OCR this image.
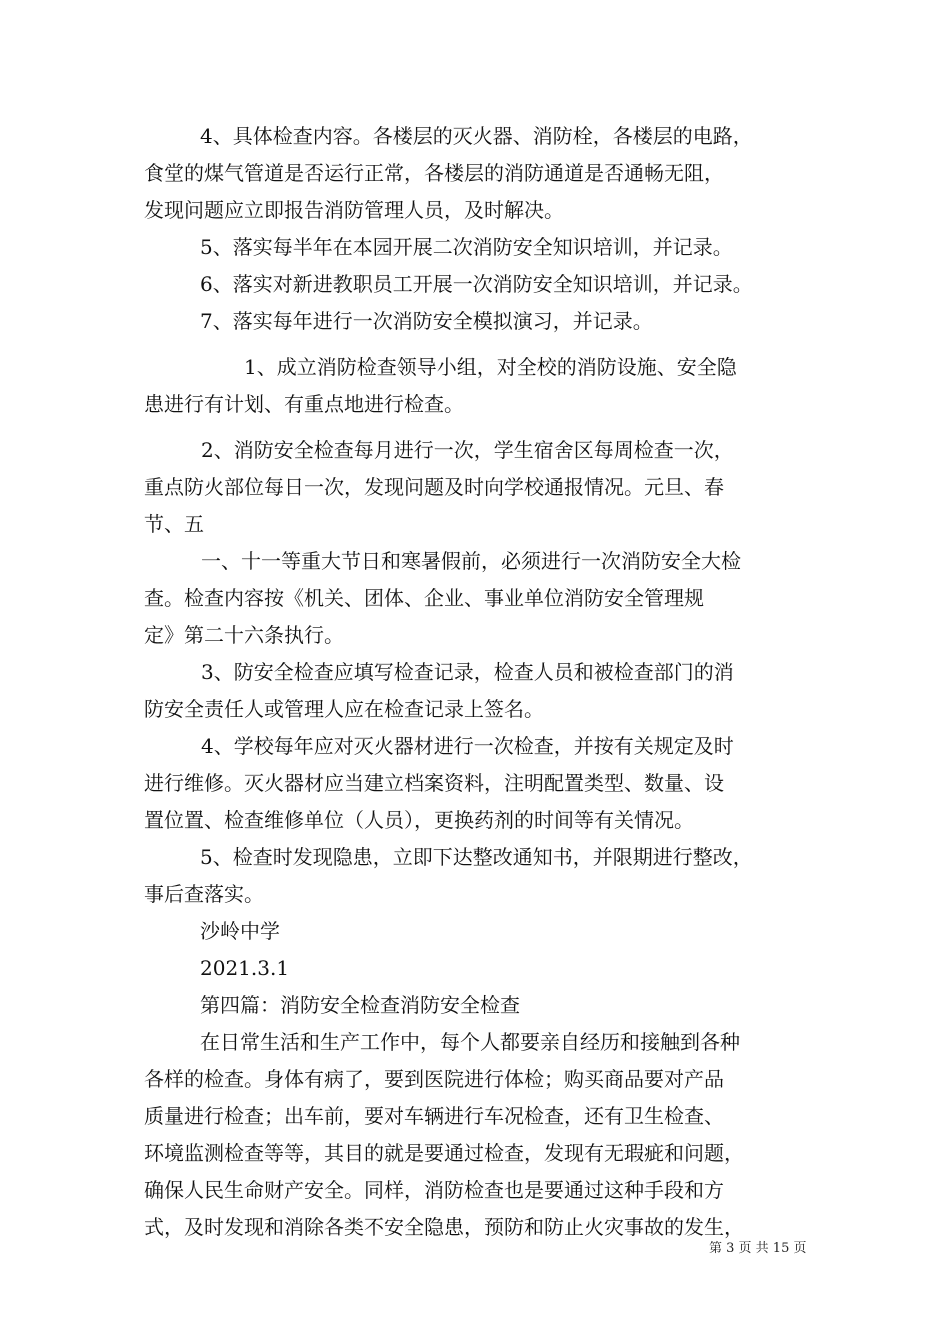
4、具体检查内容。各楼层的灭火器、消防栓，各楼层的电路，
食堂的煤气管道是否运行正常，各楼层的消防通道是否通畅无阻，
发现问题应立即报告消防管理人员，及时解决。
5、落实每半年在本园开展二次消防安全知识培训，并记录。
6、落实对新进教职员工开展一次消防安全知识培训，并记录。
7、落实每年进行一次消防安全模拟演习，并记录。
1、成立消防检查领导小组，对全校的消防设施、安全隐
患进行有计划、有重点地进行检查。
2、消防安全检查每月进行一次，学生宿舍区每周检查一次，
重点防火部位每日一次，发现问题及时向学校通报情况。元旦、春
节、五
一、十一等重大节日和寒暑假前，必须进行一次消防安全大检
查。检查内容按《机关、团体、企业、事业单位消防安全管理规
定》第二十六条执行。
3、防安全检查应填写检查记录，检查人员和被检查部门的消
防安全责任人或管理人应在检查记录上签名。
4、学校每年应对灭火器材进行一次检查，并按有关规定及时
进行维修。灭火器材应当建立档案资料，注明配置类型、数量、设
置位置、检查维修单位（人员），更换药剂的时间等有关情况。
5、检查时发现隐患，立即下达整改通知书，并限期进行整改，
事后查落实。
沙岭中学
2021.3.1
第四篇：消防安全检查消防安全检查
在日常生活和生产工作中，每个人都要亲自经历和接触到各种
各样的检查。身体有病了，要到医院进行体检；购买商品要对产品
质量进行检查；出车前，要对车辆进行车况检查，还有卫生检查、
环境监测检查等等，其目的就是要通过检查，发现有无瑕疵和问题，
确保人民生命财产安全。同样，消防检查也是要通过这种手段和方
式，及时发现和消除各类不安全隐患，预防和防止火灾事故的发生，
第 3 页 共 15 页
